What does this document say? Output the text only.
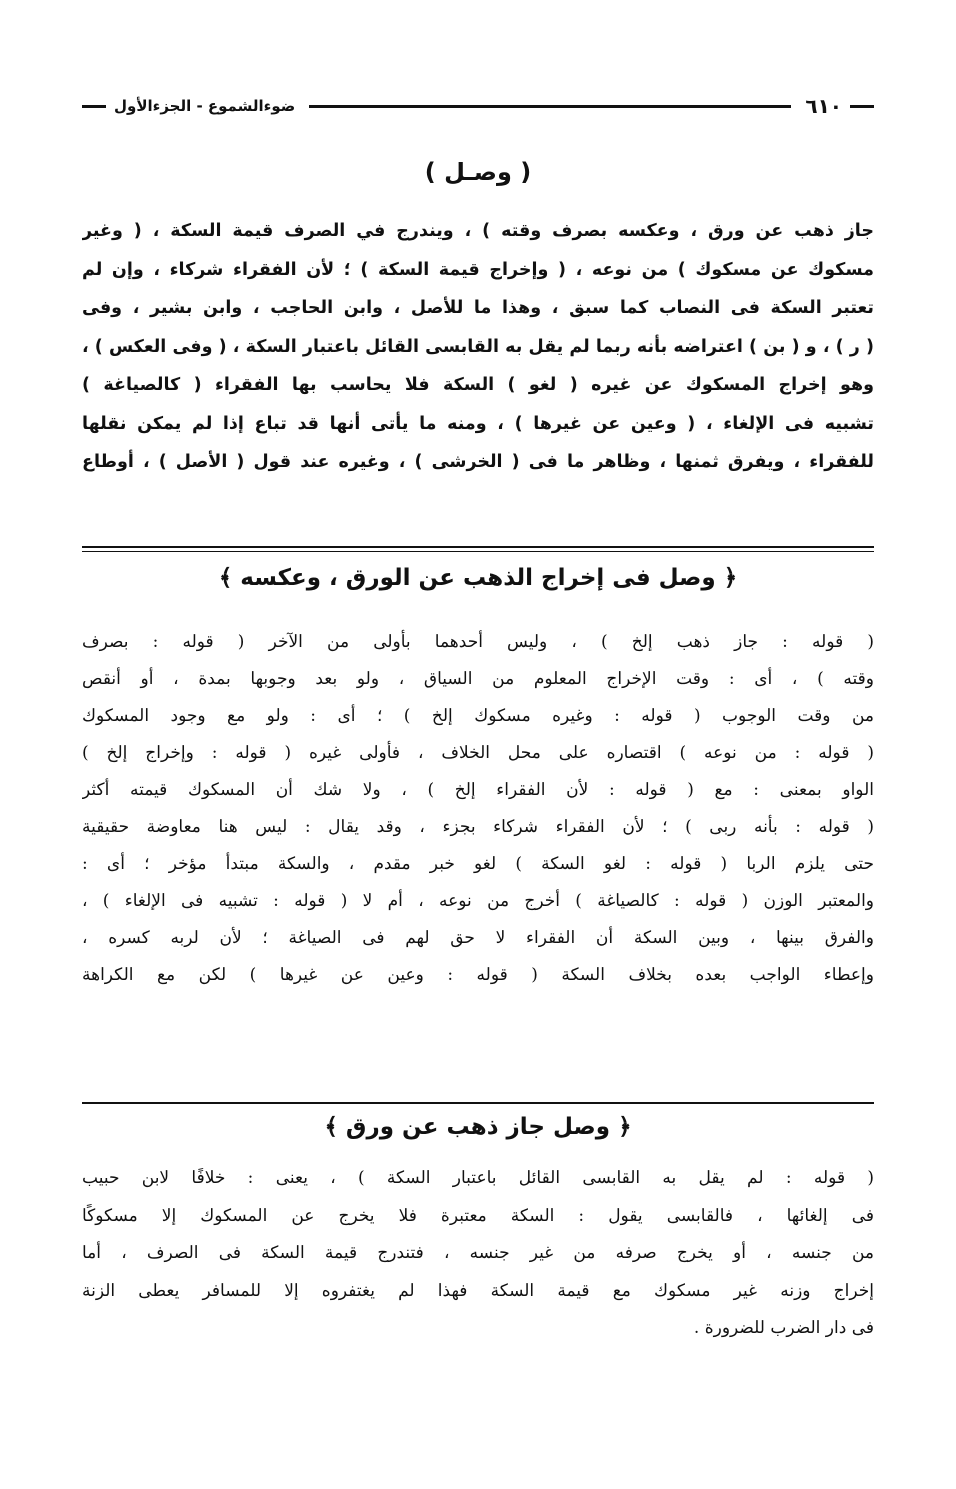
٦١٠
ضوءالشموع - الجزءالأول
( وصـل )
جاز ذهب عن ورق ، وعكسه بصرف وقته ) ، ويندرج في الصرف قيمة السكة ، ( وغير
مسكوك عن مسكوك ) من نوعه ، ( وإخراج قيمة السكة ) ؛ لأن الفقراء شركاء ، وإن لم
تعتبر السكة فى النصاب كما سبق ، وهذا ما للأصل ، وابن الحاجب ، وابن بشير ، وفى
( ر ) ، و ( بن ) اعتراضه بأنه ربما لم يقل به القابسى القائل باعتبار السكة ، ( وفى العكس ) ،
وهو إخراج المسكوك عن غيره ( لغو ) السكة فلا يحاسب بها الفقراء ( كالصياغة )
تشبيه فى الإلغاء ، ( وعين عن غيرها ) ، ومنه ما يأتى أنها قد تباع إذا لم يمكن نقلها
للفقراء ، ويفرق ثمنها ، وظاهر ما فى ( الخرشى ) ، وغيره عند قول ( الأصل ) ، أوطاع
﴿ وصل فى إخراج الذهب عن الورق ، وعكسه ﴾
( قوله : جاز ذهب إلخ ) ، وليس أحدهما بأولى من الآخر ( قوله : بصرف
وقته ) ، أى : وقت الإخراج المعلوم من السياق ، ولو بعد وجوبها بمدة ، أو أنقص
من وقت الوجوب ( قوله : وغيره مسكوك إلخ ) ؛ أى : ولو مع وجود المسكوك
( قوله : من نوعه ) اقتصاره على محل الخلاف ، فأولى غيره ( قوله : وإخراج إلخ )
الواو بمعنى : مع ( قوله : لأن الفقراء إلخ ) ، ولا شك أن المسكوك قيمته أكثر
( قوله : بأنه ربى ) ؛ لأن الفقراء شركاء بجزء ، وقد يقال : ليس هنا معاوضة حقيقية
حتى يلزم الربا ( قوله : لغو السكة ) لغو خبر مقدم ، والسكة مبتدأ مؤخر ؛ أى :
والمعتبر الوزن ( قوله : كالصياغة ) أخرج من نوعه ، أم لا ( قوله : تشبيه فى الإلغاء ) ،
والفرق بينها ، وبين السكة أن الفقراء لا حق لهم فى الصياغة ؛ لأن لربه كسره ،
وإعطاء الواجب بعده بخلاف السكة ( قوله : وعين عن غيرها ) لكن مع الكراهة
﴿ وصل جاز ذهب عن ورق ﴾
( قوله : لم يقل به القابسى القائل باعتبار السكة ) ، يعنى : خلافًا لابن حبيب
فى إلغائها ، فالقابسى يقول : السكة معتبرة فلا يخرج عن المسكوك إلا مسكوكًا
من جنسه ، أو يخرج صرفه من غير جنسه ، فتندرج قيمة السكة فى الصرف ، أما
إخراج وزنه غير مسكوك مع قيمة السكة فهذا لم يغتفروه إلا للمسافر يعطى الزنة
فى دار الضرب للضرورة .
